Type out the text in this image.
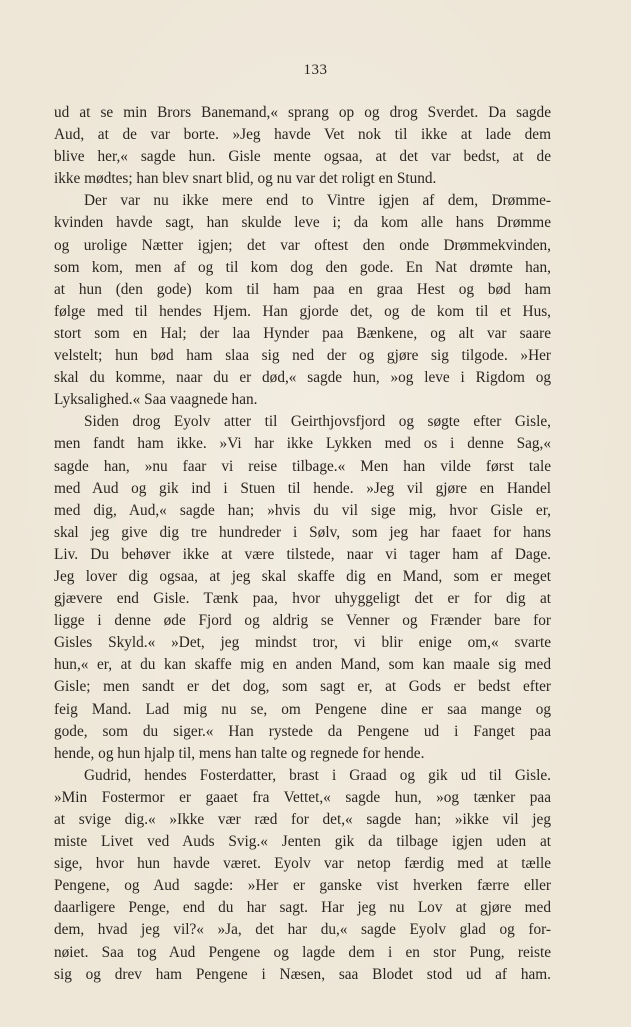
133
ud at se min Brors Banemand,« sprang op og drog Sverdet. Da sagde
Aud, at de var borte. »Jeg havde Vet nok til ikke at lade dem
blive her,« sagde hun. Gisle mente ogsaa, at det var bedst, at de
ikke mødtes; han blev snart blid, og nu var det roligt en Stund.
Der var nu ikke mere end to Vintre igjen af dem, Drømme-
kvinden havde sagt, han skulde leve i; da kom alle hans Drømme
og urolige Nætter igjen; det var oftest den onde Drømmekvinden,
som kom, men af og til kom dog den gode. En Nat drømte han,
at hun (den gode) kom til ham paa en graa Hest og bød ham
følge med til hendes Hjem. Han gjorde det, og de kom til et Hus,
stort som en Hal; der laa Hynder paa Bænkene, og alt var saare
velstelt; hun bød ham slaa sig ned der og gjøre sig tilgode. »Her
skal du komme, naar du er død,« sagde hun, »og leve i Rigdom og
Lyksalighed.« Saa vaagnede han.
Siden drog Eyolv atter til Geirthjovsfjord og søgte efter Gisle,
men fandt ham ikke. »Vi har ikke Lykken med os i denne Sag,«
sagde han, »nu faar vi reise tilbage.« Men han vilde først tale
med Aud og gik ind i Stuen til hende. »Jeg vil gjøre en Handel
med dig, Aud,« sagde han; »hvis du vil sige mig, hvor Gisle er,
skal jeg give dig tre hundreder i Sølv, som jeg har faaet for hans
Liv. Du behøver ikke at være tilstede, naar vi tager ham af Dage.
Jeg lover dig ogsaa, at jeg skal skaffe dig en Mand, som er meget
gjævere end Gisle. Tænk paa, hvor uhyggeligt det er for dig at
ligge i denne øde Fjord og aldrig se Venner og Frænder bare for
Gisles Skyld.« »Det, jeg mindst tror, vi blir enige om,« svarte
hun,« er, at du kan skaffe mig en anden Mand, som kan maale sig med
Gisle; men sandt er det dog, som sagt er, at Gods er bedst efter
feig Mand. Lad mig nu se, om Pengene dine er saa mange og
gode, som du siger.« Han rystede da Pengene ud i Fanget paa
hende, og hun hjalp til, mens han talte og regnede for hende.
Gudrid, hendes Fosterdatter, brast i Graad og gik ud til Gisle.
»Min Fostermor er gaaet fra Vettet,« sagde hun, »og tænker paa
at svige dig.« »Ikke vær ræd for det,« sagde han; »ikke vil jeg
miste Livet ved Auds Svig.« Jenten gik da tilbage igjen uden at
sige, hvor hun havde været. Eyolv var netop færdig med at tælle
Pengene, og Aud sagde: »Her er ganske vist hverken færre eller
daarligere Penge, end du har sagt. Har jeg nu Lov at gjøre med
dem, hvad jeg vil?« »Ja, det har du,« sagde Eyolv glad og for-
nøiet. Saa tog Aud Pengene og lagde dem i en stor Pung, reiste
sig og drev ham Pengene i Næsen, saa Blodet stod ud af ham.
